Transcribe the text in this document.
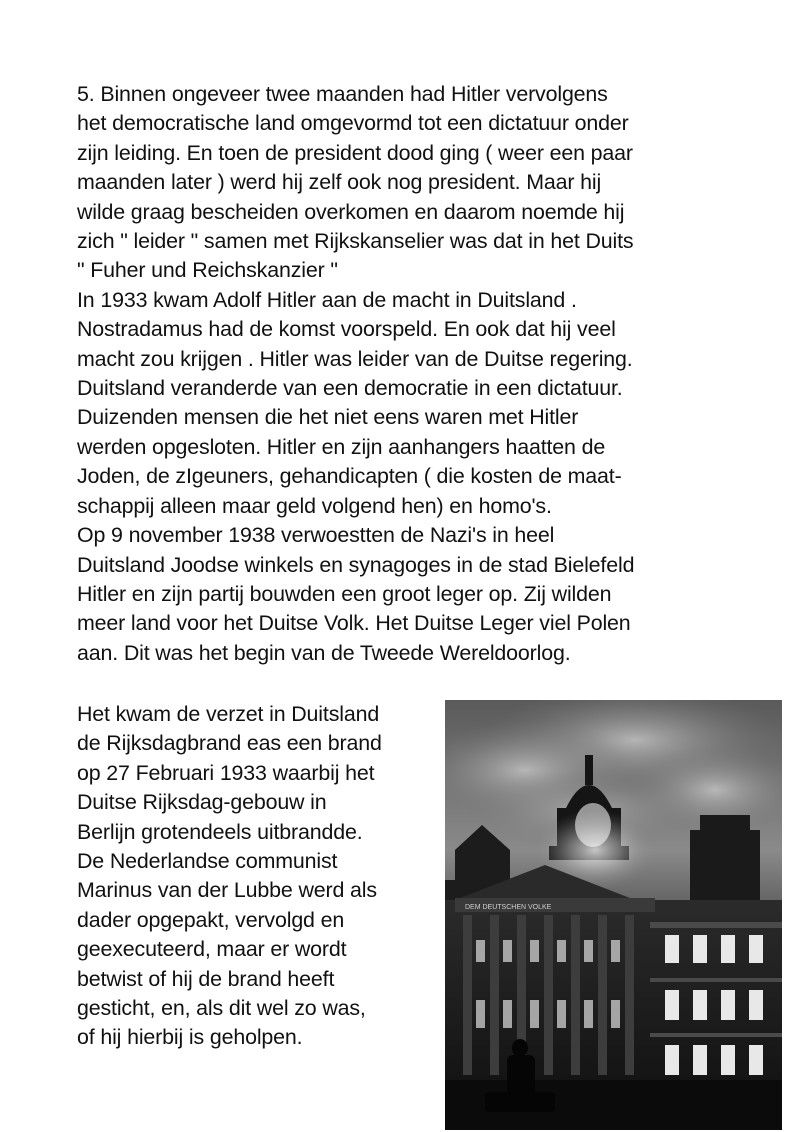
5. Binnen ongeveer twee maanden had Hitler vervolgens
het democratische land omgevormd tot een dictatuur onder
zijn leiding. En toen de president dood ging ( weer een paar
maanden later ) werd hij zelf ook nog president. Maar hij
wilde graag bescheiden overkomen en daarom noemde hij
zich " leider " samen met Rijkskanselier was dat in het Duits
" Fuher und Reichskanzier "
In 1933 kwam Adolf Hitler aan de macht in Duitsland .
Nostradamus had de komst voorspeld. En ook dat hij veel
macht zou krijgen . Hitler was leider van de Duitse regering.
Duitsland veranderde van een democratie in een dictatuur.
Duizenden mensen die het niet eens waren met Hitler
werden opgesloten. Hitler en zijn aanhangers haatten de
Joden, de zIgeuners, gehandicapten ( die kosten de maat-
schappij alleen maar geld volgend hen) en homo's.
Op 9 november 1938 verwoestten de Nazi's in heel
Duitsland Joodse winkels en synagoges in de stad Bielefeld
Hitler en zijn partij bouwden een groot leger op. Zij wilden
meer land voor het Duitse Volk. Het Duitse Leger viel Polen
aan. Dit was het begin van de Tweede Wereldoorlog.
Het kwam de verzet in Duitsland
de Rijksdagbrand eas een brand
op 27 Februari 1933 waarbij het
Duitse Rijksdag-gebouw in
Berlijn grotendeels uitbrandde.
De Nederlandse communist
Marinus van der Lubbe werd als
dader opgepakt, vervolgd en
geexecuteerd, maar er wordt
betwist of hij de brand heeft
gesticht, en, als dit wel zo was,
of hij hierbij is geholpen.
DEM DEUTSCHEN VOLKE
